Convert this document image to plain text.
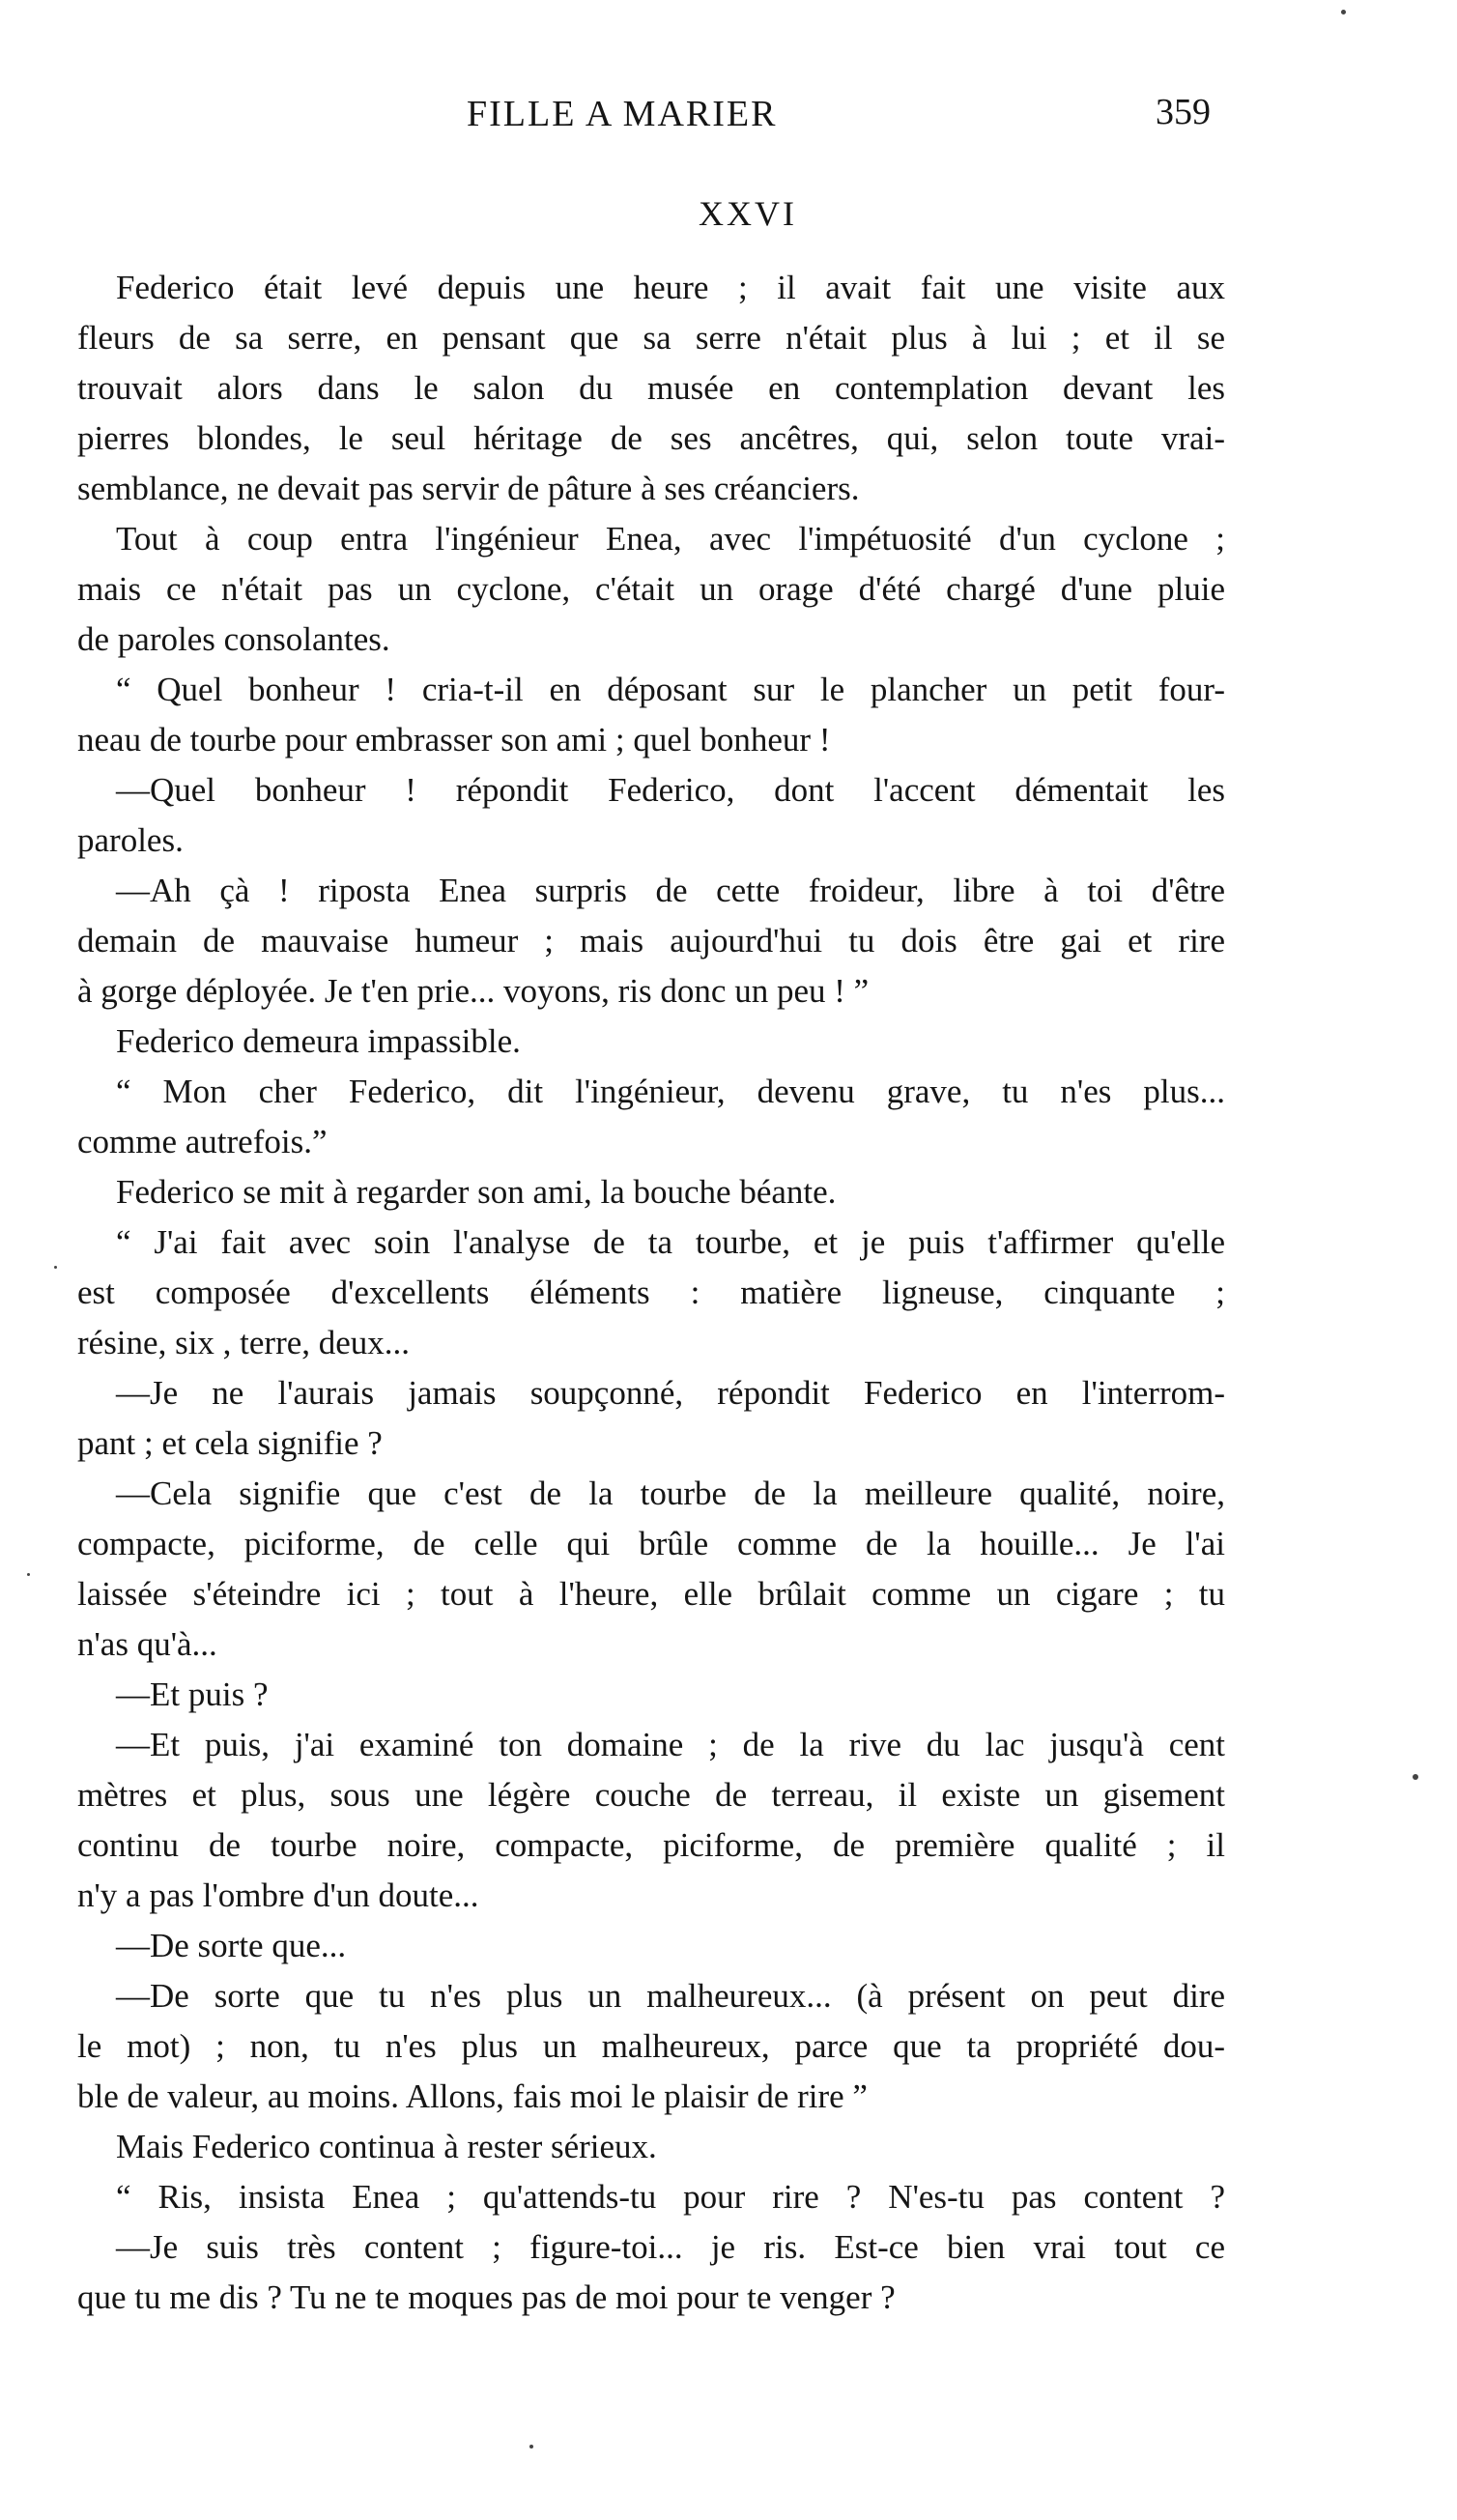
FILLE A MARIER	359
XXVI
Federico était levé depuis une heure ; il avait fait une visite aux
fleurs de sa serre, en pensant que sa serre n'était plus à lui ; et il se
trouvait alors dans le salon du musée en contemplation devant les
pierres blondes, le seul héritage de ses ancêtres, qui, selon toute vrai-
semblance, ne devait pas servir de pâture à ses créanciers.
Tout à coup entra l'ingénieur Enea, avec l'impétuosité d'un cyclone ;
mais ce n'était pas un cyclone, c'était un orage d'été chargé d'une pluie
de paroles consolantes.
“ Quel bonheur ! cria-t-il en déposant sur le plancher un petit four-
neau de tourbe pour embrasser son ami ; quel bonheur !
—Quel bonheur ! répondit Federico, dont l'accent démentait les
paroles.
—Ah çà ! riposta Enea surpris de cette froideur, libre à toi d'être
demain de mauvaise humeur ; mais aujourd'hui tu dois être gai et rire
à gorge déployée. Je t'en prie... voyons, ris donc un peu ! ”
Federico demeura impassible.
“ Mon cher Federico, dit l'ingénieur, devenu grave, tu n'es plus...
comme autrefois.”
Federico se mit à regarder son ami, la bouche béante.
“ J'ai fait avec soin l'analyse de ta tourbe, et je puis t'affirmer qu'elle
est composée d'excellents éléments : matière ligneuse, cinquante ;
résine, six , terre, deux...
—Je ne l'aurais jamais soupçonné, répondit Federico en l'interrom-
pant ; et cela signifie ?
—Cela signifie que c'est de la tourbe de la meilleure qualité, noire,
compacte, piciforme, de celle qui brûle comme de la houille... Je l'ai
laissée s'éteindre ici ; tout à l'heure, elle brûlait comme un cigare ; tu
n'as qu'à...
—Et puis ?
—Et puis, j'ai examiné ton domaine ; de la rive du lac jusqu'à cent
mètres et plus, sous une légère couche de terreau, il existe un gisement
continu de tourbe noire, compacte, piciforme, de première qualité ; il
n'y a pas l'ombre d'un doute...
—De sorte que...
—De sorte que tu n'es plus un malheureux... (à présent on peut dire
le mot) ; non, tu n'es plus un malheureux, parce que ta propriété dou-
ble de valeur, au moins. Allons, fais moi le plaisir de rire ”
Mais Federico continua à rester sérieux.
“ Ris, insista Enea ; qu'attends-tu pour rire ? N'es-tu pas content ?
—Je suis très content ; figure-toi... je ris. Est-ce bien vrai tout ce
que tu me dis ? Tu ne te moques pas de moi pour te venger ?
